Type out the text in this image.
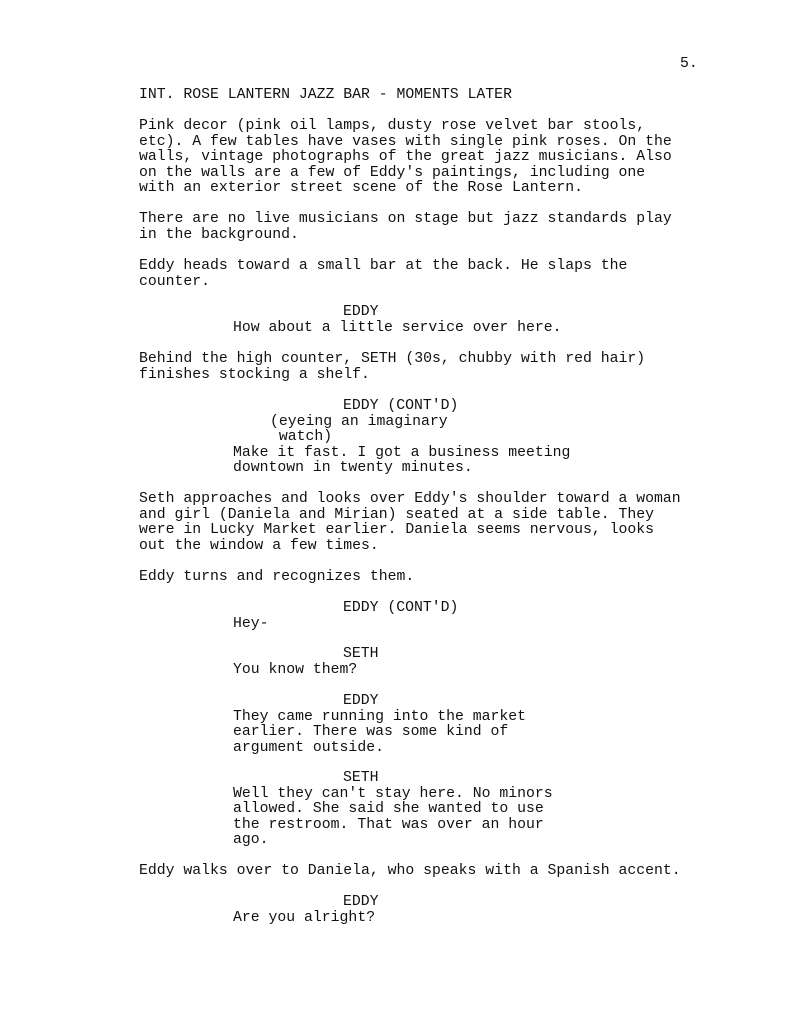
5.
INT. ROSE LANTERN JAZZ BAR - MOMENTS LATER
Pink decor (pink oil lamps, dusty rose velvet bar stools,
etc). A few tables have vases with single pink roses. On the
walls, vintage photographs of the great jazz musicians. Also
on the walls are a few of Eddy's paintings, including one
with an exterior street scene of the Rose Lantern.
There are no live musicians on stage but jazz standards play
in the background.
Eddy heads toward a small bar at the back. He slaps the
counter.
EDDY
How about a little service over here.
Behind the high counter, SETH (30s, chubby with red hair)
finishes stocking a shelf.
EDDY (CONT'D)
(eyeing an imaginary
watch)
Make it fast. I got a business meeting
downtown in twenty minutes.
Seth approaches and looks over Eddy's shoulder toward a woman
and girl (Daniela and Mirian) seated at a side table. They
were in Lucky Market earlier. Daniela seems nervous, looks
out the window a few times.
Eddy turns and recognizes them.
EDDY (CONT'D)
Hey-
SETH
You know them?
EDDY
They came running into the market
earlier. There was some kind of
argument outside.
SETH
Well they can't stay here. No minors
allowed. She said she wanted to use
the restroom. That was over an hour
ago.
Eddy walks over to Daniela, who speaks with a Spanish accent.
EDDY
Are you alright?
